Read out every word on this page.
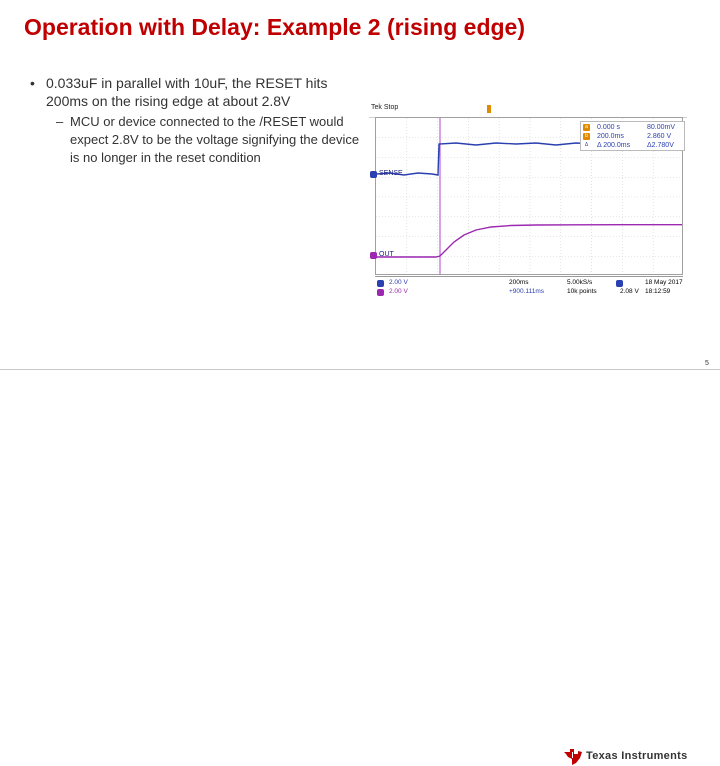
Operation with Delay: Example 2 (rising edge)
• 0.033uF in parallel with 10uF, the RESET hits 200ms on the rising edge at about 2.8V
– MCU or device connected to the /RESET would expect 2.8V to be the voltage signifying the device is no longer in the reset condition
Tek Stop
a	0.000 s	80.00mV
b	200.0ms	2.860 V
Δ Δ 200.0ms Δ2.780V
SENSE
OUT
2.00 V
2.00 V
200ms
+900.111ms
5.00kS/s
10k points	2.08 V
18 May 2017
18:12:59
5
Texas Instruments
